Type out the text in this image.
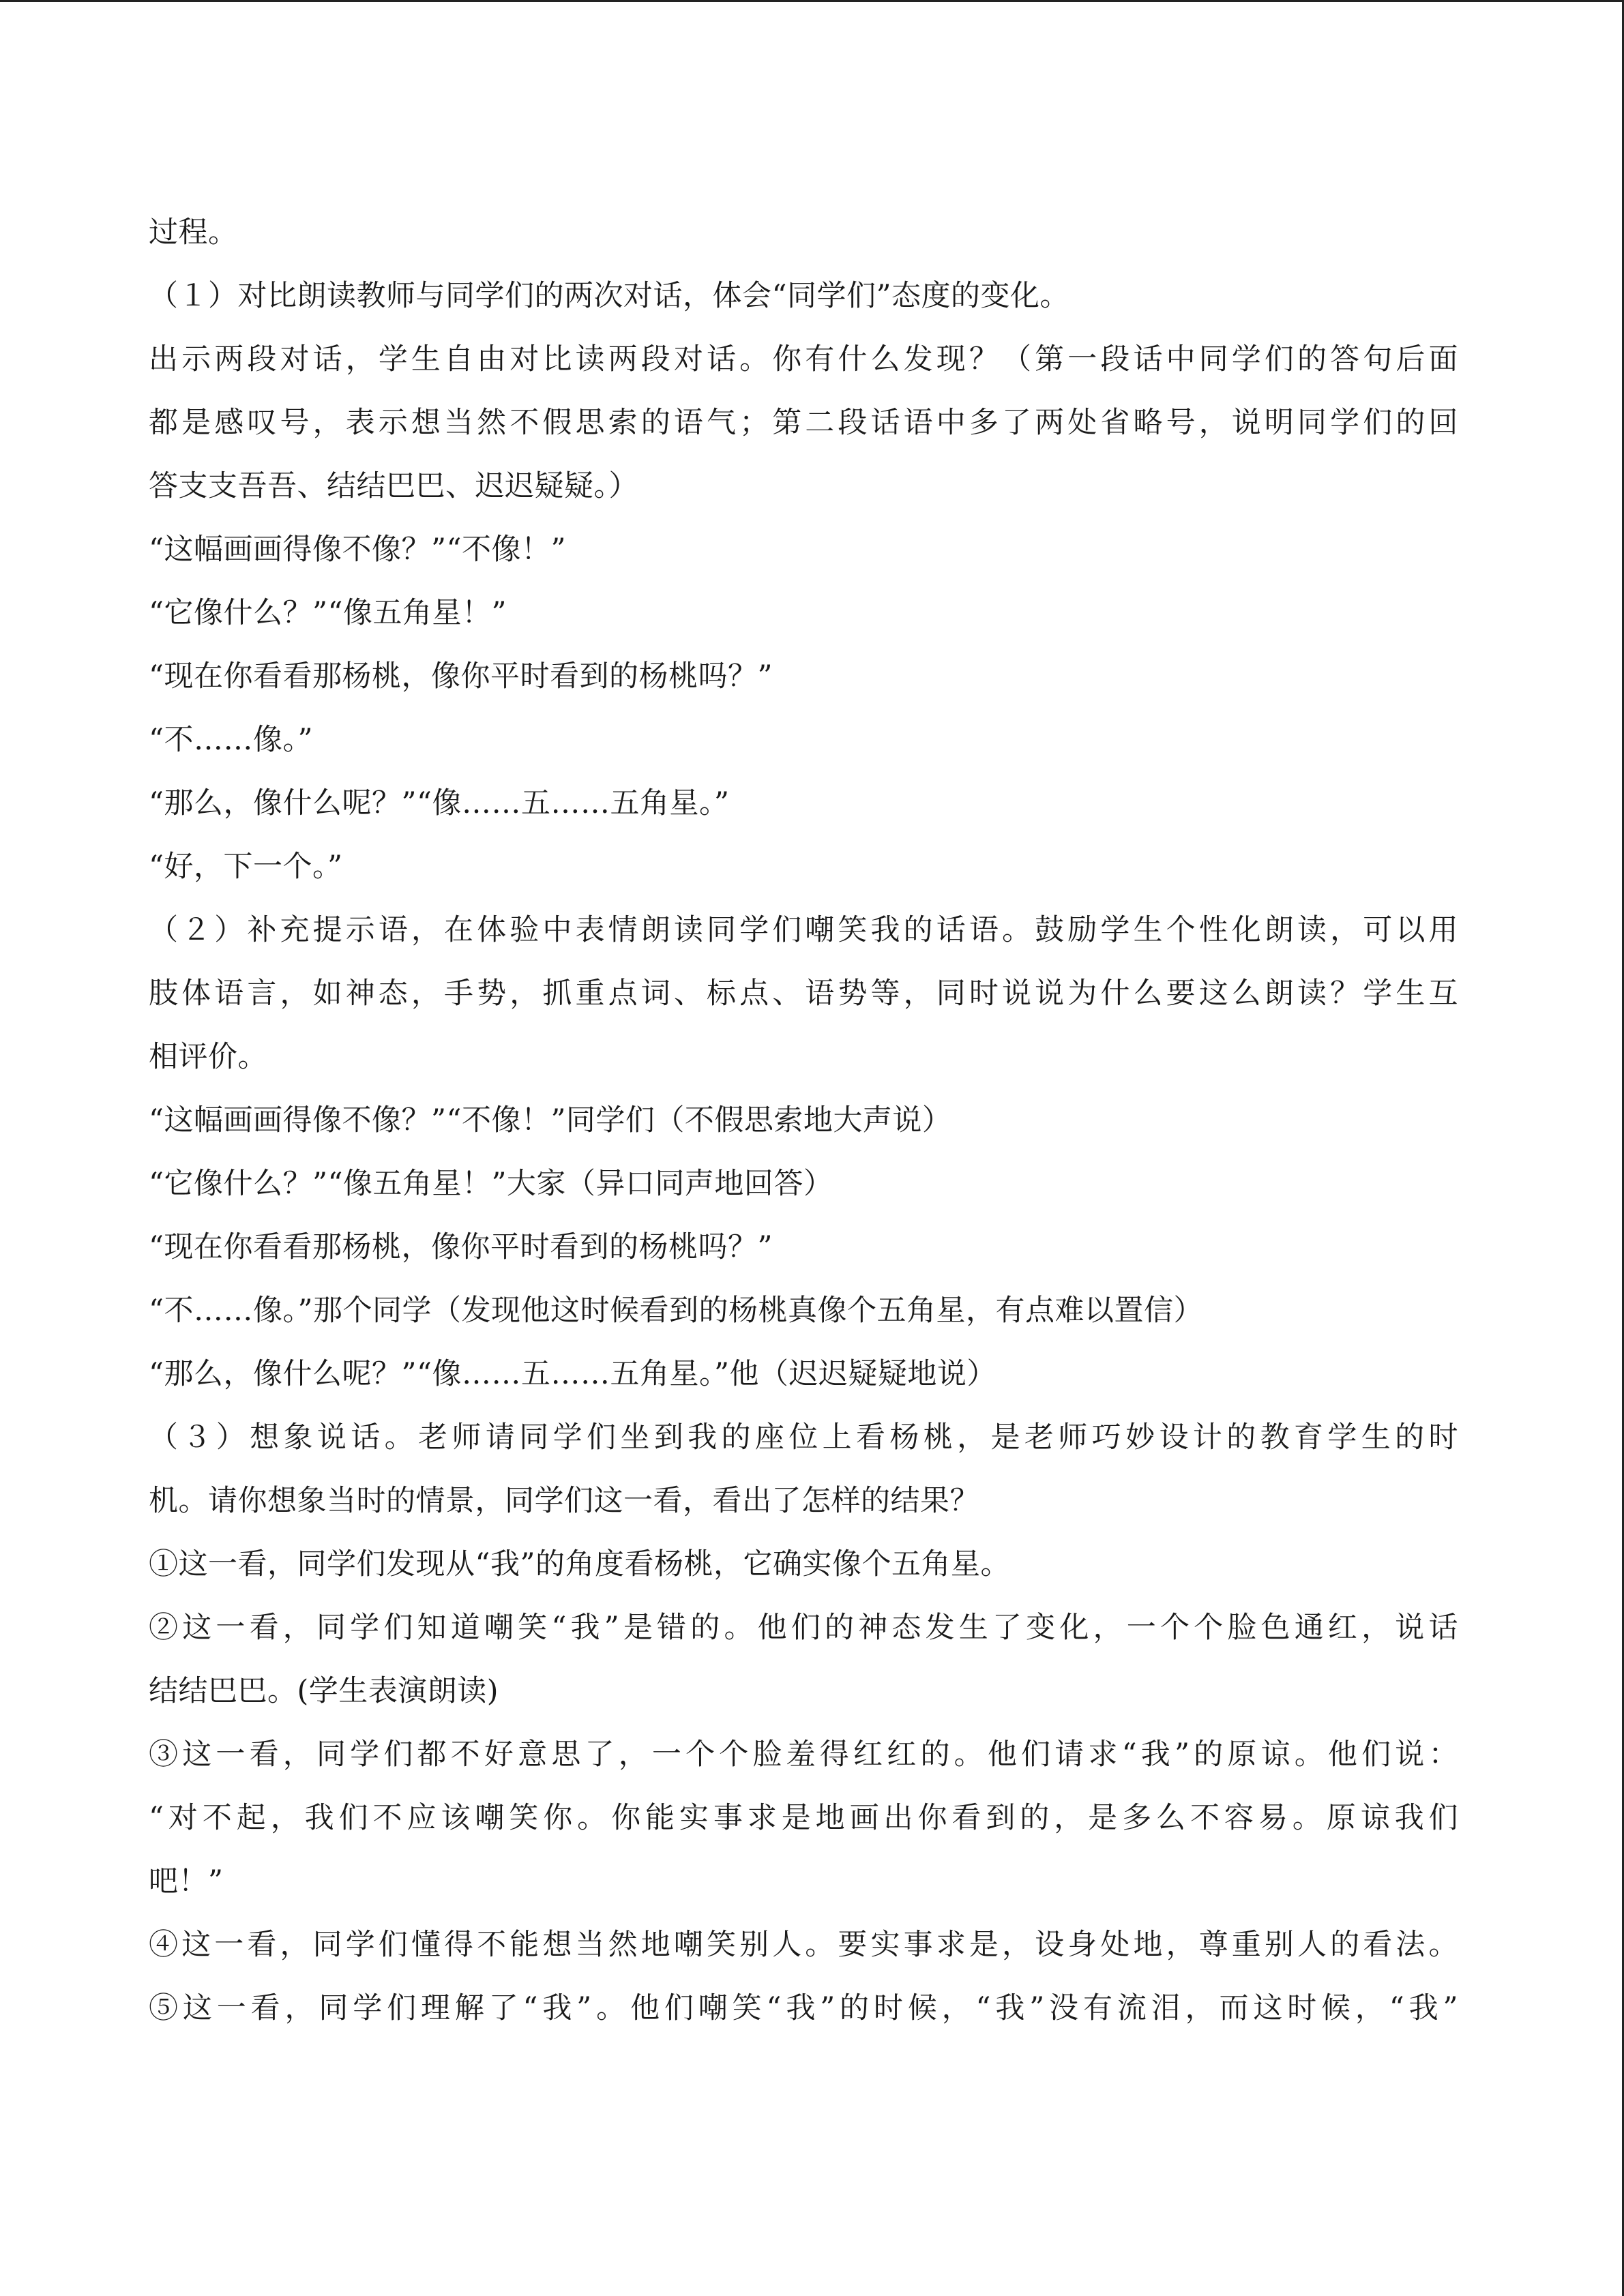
过程。
（１）对比朗读教师与同学们的两次对话，体会“同学们”态度的变化。
出示两段对话，学生自由对比读两段对话。你有什么发现？（第一段话中同学们的答句后面
都是感叹号，表示想当然不假思索的语气；第二段话语中多了两处省略号，说明同学们的回
答支支吾吾、结结巴巴、迟迟疑疑。）
“这幅画画得像不像？”“不像！”
“它像什么？”“像五角星！”
“现在你看看那杨桃，像你平时看到的杨桃吗？”
“不……像。”
“那么，像什么呢？”“像……五……五角星。”
“好，下一个。”
（２）补充提示语，在体验中表情朗读同学们嘲笑我的话语。鼓励学生个性化朗读，可以用
肢体语言，如神态，手势，抓重点词、标点、语势等，同时说说为什么要这么朗读？学生互
相评价。
“这幅画画得像不像？”“不像！”同学们（不假思索地大声说）
“它像什么？”“像五角星！”大家（异口同声地回答）
“现在你看看那杨桃，像你平时看到的杨桃吗？”
“不……像。”那个同学（发现他这时候看到的杨桃真像个五角星，有点难以置信）
“那么，像什么呢？”“像……五……五角星。”他（迟迟疑疑地说）
（３）想象说话。老师请同学们坐到我的座位上看杨桃，是老师巧妙设计的教育学生的时
机。请你想象当时的情景，同学们这一看，看出了怎样的结果？
①这一看，同学们发现从“我”的角度看杨桃，它确实像个五角星。
②这一看，同学们知道嘲笑“我”是错的。他们的神态发生了变化，一个个脸色通红，说话
结结巴巴。(学生表演朗读)
③这一看，同学们都不好意思了，一个个脸羞得红红的。他们请求“我”的原谅。他们说：
“对不起，我们不应该嘲笑你。你能实事求是地画出你看到的，是多么不容易。原谅我们
吧！”
④这一看，同学们懂得不能想当然地嘲笑别人。要实事求是，设身处地，尊重别人的看法。
⑤这一看，同学们理解了“我”。他们嘲笑“我”的时候，“我”没有流泪，而这时候，“我”
